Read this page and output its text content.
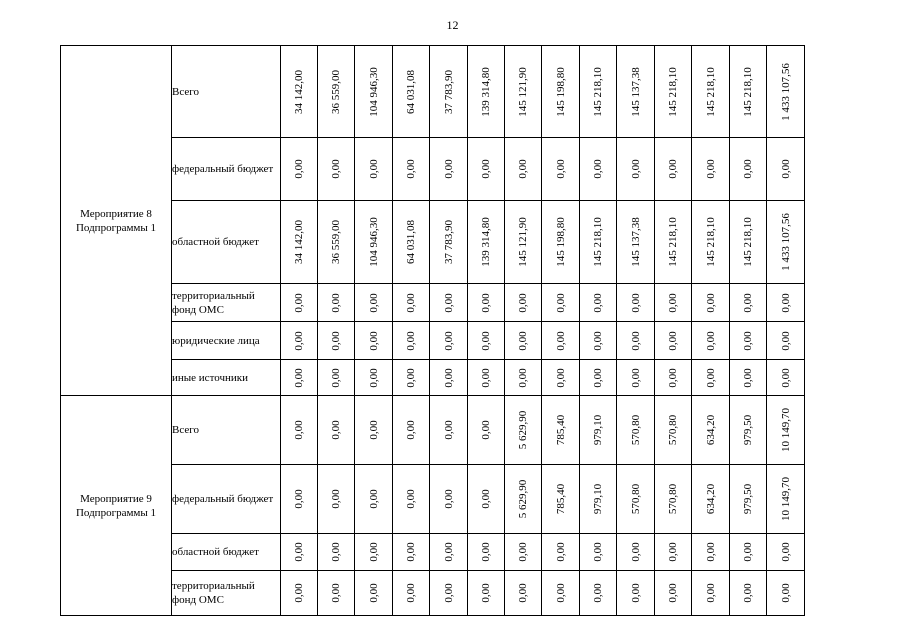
12
Мероприятие 8 Подпрограммы 1	Всего	34 142,00	36 559,00	104 946,30	64 031,08	37 783,90	139 314,80	145 121,90	145 198,80	145 218,10	145 137,38	145 218,10	145 218,10	145 218,10	1 433 107,56

	федеральный бюджет	0,00	0,00	0,00	0,00	0,00	0,00	0,00	0,00	0,00	0,00	0,00	0,00	0,00	0,00

	областной бюджет	34 142,00	36 559,00	104 946,30	64 031,08	37 783,90	139 314,80	145 121,90	145 198,80	145 218,10	145 137,38	145 218,10	145 218,10	145 218,10	1 433 107,56

	территориальный фонд ОМС	0,00	0,00	0,00	0,00	0,00	0,00	0,00	0,00	0,00	0,00	0,00	0,00	0,00	0,00

	юридические лица	0,00	0,00	0,00	0,00	0,00	0,00	0,00	0,00	0,00	0,00	0,00	0,00	0,00	0,00

	иные источники	0,00	0,00	0,00	0,00	0,00	0,00	0,00	0,00	0,00	0,00	0,00	0,00	0,00	0,00

Мероприятие 9 Подпрограммы 1	Всего	0,00	0,00	0,00	0,00	0,00	0,00	5 629,90	785,40	979,10	570,80	570,80	634,20	979,50	10 149,70

	федеральный бюджет	0,00	0,00	0,00	0,00	0,00	0,00	5 629,90	785,40	979,10	570,80	570,80	634,20	979,50	10 149,70

	областной бюджет	0,00	0,00	0,00	0,00	0,00	0,00	0,00	0,00	0,00	0,00	0,00	0,00	0,00	0,00

	территориальный фонд ОМС	0,00	0,00	0,00	0,00	0,00	0,00	0,00	0,00	0,00	0,00	0,00	0,00	0,00	0,00
